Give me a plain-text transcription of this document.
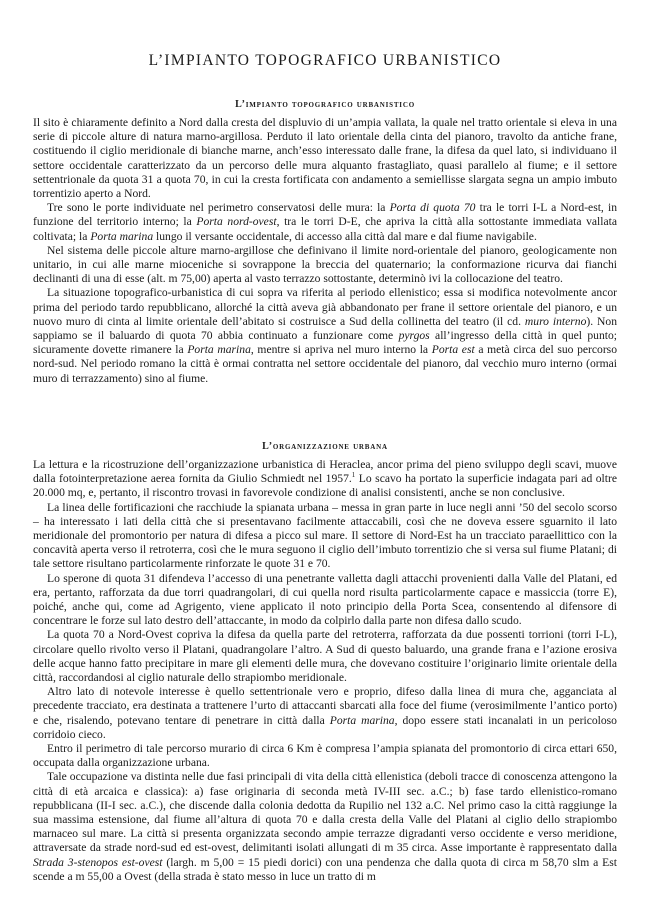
L’IMPIANTO TOPOGRAFICO URBANISTICO
L’impianto topografico urbanistico

Il sito è chiaramente definito a Nord dalla cresta del displuvio di un’ampia vallata, la quale nel tratto orientale si eleva in una serie di piccole alture di natura marno-argillosa. Perduto il lato orientale della cinta del pianoro, travolto da antiche frane, costituendo il ciglio meridionale di bianche marne, anch’esso interessato dalle frane, la difesa da quel lato, si individuano il settore occidentale caratterizzato da un percorso delle mura alquanto frastagliato, quasi parallelo al fiume; e il settore settentrionale da quota 31 a quota 70, in cui la cresta fortificata con andamento a semiellisse slargata segna un ampio imbuto torrentizio aperto a Nord.

Tre sono le porte individuate nel perimetro conservatosi delle mura: la Porta di quota 70 tra le torri I-L a Nord-est, in funzione del territorio interno; la Porta nord-ovest, tra le torri D-E, che apriva la città alla sottostante immediata vallata coltivata; la Porta marina lungo il versante occidentale, di accesso alla città dal mare e dal fiume navigabile.

Nel sistema delle piccole alture marno-argillose che definivano il limite nord-orientale del pianoro, geologicamente non unitario, in cui alle marne mioceniche si sovrappone la breccia del quaternario; la conformazione ricurva dai fianchi declinanti di una di esse (alt. m 75,00) aperta al vasto terrazzo sottostante, determinò ivi la collocazione del teatro.

La situazione topografico-urbanistica di cui sopra va riferita al periodo ellenistico; essa si modifica notevolmente ancor prima del periodo tardo repubblicano, allorché la città aveva già abbandonato per frane il settore orientale del pianoro, e un nuovo muro di cinta al limite orientale dell’abitato si costruisce a Sud della collinetta del teatro (il cd. muro interno). Non sappiamo se il baluardo di quota 70 abbia continuato a funzionare come pyrgos all’ingresso della città in quel punto; sicuramente dovette rimanere la Porta marina, mentre si apriva nel muro interno la Porta est a metà circa del suo percorso nord-sud. Nel periodo romano la città è ormai contratta nel settore occidentale del pianoro, dal vecchio muro interno (ormai muro di terrazzamento) sino al fiume.

L’organizzazione urbana

La lettura e la ricostruzione dell’organizzazione urbanistica di Heraclea, ancor prima del pieno sviluppo degli scavi, muove dalla fotointerpretazione aerea fornita da Giulio Schmiedt nel 1957.$^1$ Lo scavo ha portato la superficie indagata pari ad oltre 20.000 mq, e, pertanto, il riscontro trovasi in favorevole condizione di analisi consistenti, anche se non conclusive.

La linea delle fortificazioni che racchiude la spianata urbana – messa in gran parte in luce negli anni ’50 del secolo scorso – ha interessato i lati della città che si presentavano facilmente attaccabili, così che ne doveva essere sguarnito il lato meridionale del promontorio per natura di difesa a picco sul mare. Il settore di Nord-Est ha un tracciato paraellittico con la concavità aperta verso il retroterra, così che le mura seguono il ciglio dell’imbuto torrentizio che si versa sul fiume Platani; di tale settore risultano particolarmente rinforzate le quote 31 e 70.

Lo sperone di quota 31 difendeva l’accesso di una penetrante valletta dagli attacchi provenienti dalla Valle del Platani, ed era, pertanto, rafforzata da due torri quadrangolari, di cui quella nord risulta particolarmente capace e massiccia (torre E), poiché, anche qui, come ad Agrigento, viene applicato il noto principio della Porta Scea, consentendo al difensore di concentrare le forze sul lato destro dell’attaccante, in modo da colpirlo dalla parte non difesa dallo scudo.

La quota 70 a Nord-Ovest copriva la difesa da quella parte del retroterra, rafforzata da due possenti torrioni (torri I-L), circolare quello rivolto verso il Platani, quadrangolare l’altro. A Sud di questo baluardo, una grande frana e l’azione erosiva delle acque hanno fatto precipitare in mare gli elementi delle mura, che dovevano costituire l’originario limite orientale della città, raccordandosi al ciglio naturale dello strapiombo meridionale.

Altro lato di notevole interesse è quello settentrionale vero e proprio, difeso dalla linea di mura che, agganciata al precedente tracciato, era destinata a trattenere l’urto di attaccanti sbarcati alla foce del fiume (verosimilmente l’antico porto) e che, risalendo, potevano tentare di penetrare in città dalla Porta marina, dopo essere stati incanalati in un pericoloso corridoio cieco.

Entro il perimetro di tale percorso murario di circa 6 Km è compresa l’ampia spianata del promontorio di circa ettari 650, occupata dalla organizzazione urbana.

Tale occupazione va distinta nelle due fasi principali di vita della città ellenistica (deboli tracce di conoscenza attengono la città di età arcaica e classica): a) fase originaria di seconda metà IV-III sec. a.C.; b) fase tardo ellenistico-romano repubblicana (II-I sec. a.C.), che discende dalla colonia dedotta da Rupilio nel 132 a.C. Nel primo caso la città raggiunge la sua massima estensione, dal fiume all’altura di quota 70 e dalla cresta della Valle del Platani al ciglio dello strapiombo marnaceo sul mare. La città si presenta organizzata secondo ampie terrazze digradanti verso occidente e verso meridione, attraversate da strade nord-sud ed est-ovest, delimitanti isolati allungati di m 35 circa. Asse importante è rappresentato dalla Strada 3-stenopos est-ovest (largh. m 5,00 = 15 piedi dorici) con una pendenza che dalla quota di circa m 58,70 slm a Est scende a m 55,00 a Ovest (della strada è stato messo in luce un tratto di m
